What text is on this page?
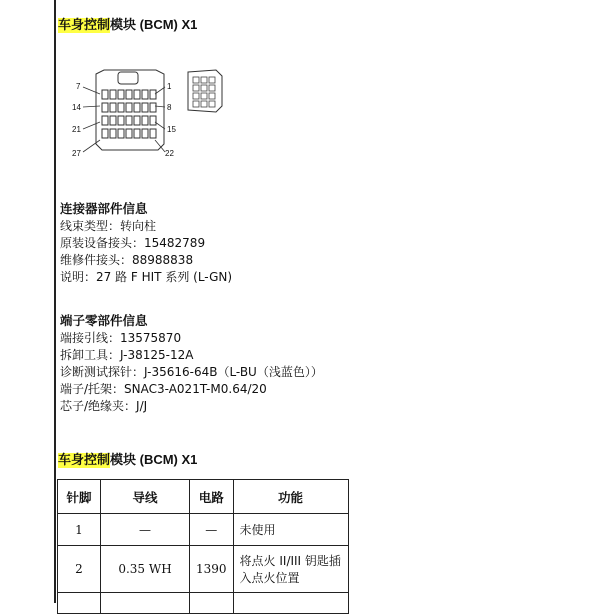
车身控制模块 (BCM) X1
7	1
14	8
21	15
27	22
连接器部件信息
线束类型：转向柱
原装设备接头：15482789
维修件接头：88988838
说明：27 路 F HIT 系列 (L-GN)
端子零部件信息
端接引线：13575870
拆卸工具：J-38125-12A
诊断测试探针：J-35616-64B（L-BU（浅蓝色））
端子/托架：SNAC3-A021T-M0.64/20
芯子/绝缘夹：J/J
车身控制模块 (BCM) X1
针脚	导线	电路	功能
1	—	—	未使用
2	0.35 WH	1390	将点火 II/III 钥匙插入点火位置
